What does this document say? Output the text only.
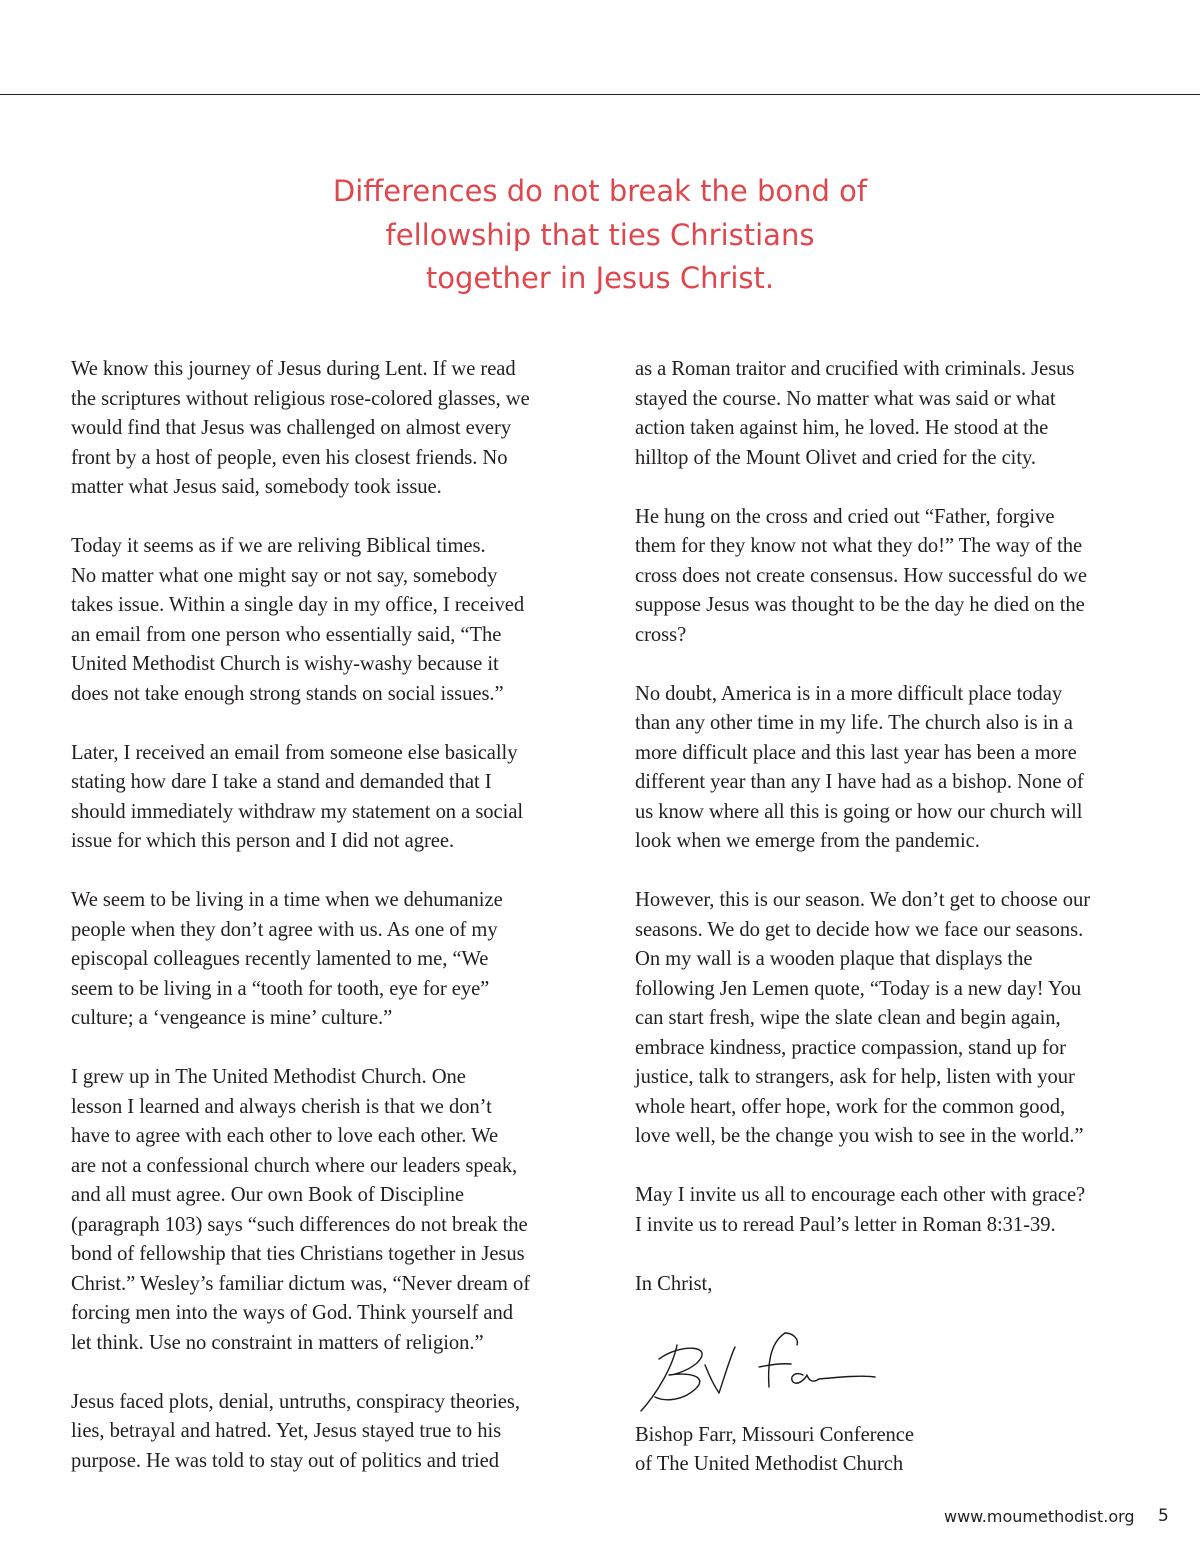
Differences do not break the bond of
fellowship that ties Christians
together in Jesus Christ.

We know this journey of Jesus during Lent. If we read
the scriptures without religious rose-colored glasses, we
would find that Jesus was challenged on almost every
front by a host of people, even his closest friends. No
matter what Jesus said, somebody took issue.

Today it seems as if we are reliving Biblical times.
No matter what one might say or not say, somebody
takes issue. Within a single day in my office, I received
an email from one person who essentially said, “The
United Methodist Church is wishy-washy because it
does not take enough strong stands on social issues.”

Later, I received an email from someone else basically
stating how dare I take a stand and demanded that I
should immediately withdraw my statement on a social
issue for which this person and I did not agree.

We seem to be living in a time when we dehumanize
people when they don’t agree with us. As one of my
episcopal colleagues recently lamented to me, “We
seem to be living in a “tooth for tooth, eye for eye”
culture; a ‘vengeance is mine’ culture.”

I grew up in The United Methodist Church. One
lesson I learned and always cherish is that we don’t
have to agree with each other to love each other. We
are not a confessional church where our leaders speak,
and all must agree. Our own Book of Discipline
(paragraph 103) says “such differences do not break the
bond of fellowship that ties Christians together in Jesus
Christ.” Wesley’s familiar dictum was, “Never dream of
forcing men into the ways of God. Think yourself and
let think. Use no constraint in matters of religion.”

Jesus faced plots, denial, untruths, conspiracy theories,
lies, betrayal and hatred. Yet, Jesus stayed true to his
purpose. He was told to stay out of politics and tried

as a Roman traitor and crucified with criminals. Jesus
stayed the course. No matter what was said or what
action taken against him, he loved. He stood at the
hilltop of the Mount Olivet and cried for the city.

He hung on the cross and cried out “Father, forgive
them for they know not what they do!” The way of the
cross does not create consensus. How successful do we
suppose Jesus was thought to be the day he died on the
cross?

No doubt, America is in a more difficult place today
than any other time in my life. The church also is in a
more difficult place and this last year has been a more
different year than any I have had as a bishop. None of
us know where all this is going or how our church will
look when we emerge from the pandemic.

However, this is our season. We don’t get to choose our
seasons. We do get to decide how we face our seasons.
On my wall is a wooden plaque that displays the
following Jen Lemen quote, “Today is a new day! You
can start fresh, wipe the slate clean and begin again,
embrace kindness, practice compassion, stand up for
justice, talk to strangers, ask for help, listen with your
whole heart, offer hope, work for the common good,
love well, be the change you wish to see in the world.”

May I invite us all to encourage each other with grace?
I invite us to reread Paul’s letter in Roman 8:31-39.

In Christ,

Bishop Farr, Missouri Conference
of The United Methodist Church
www.moumethodist.org 5
